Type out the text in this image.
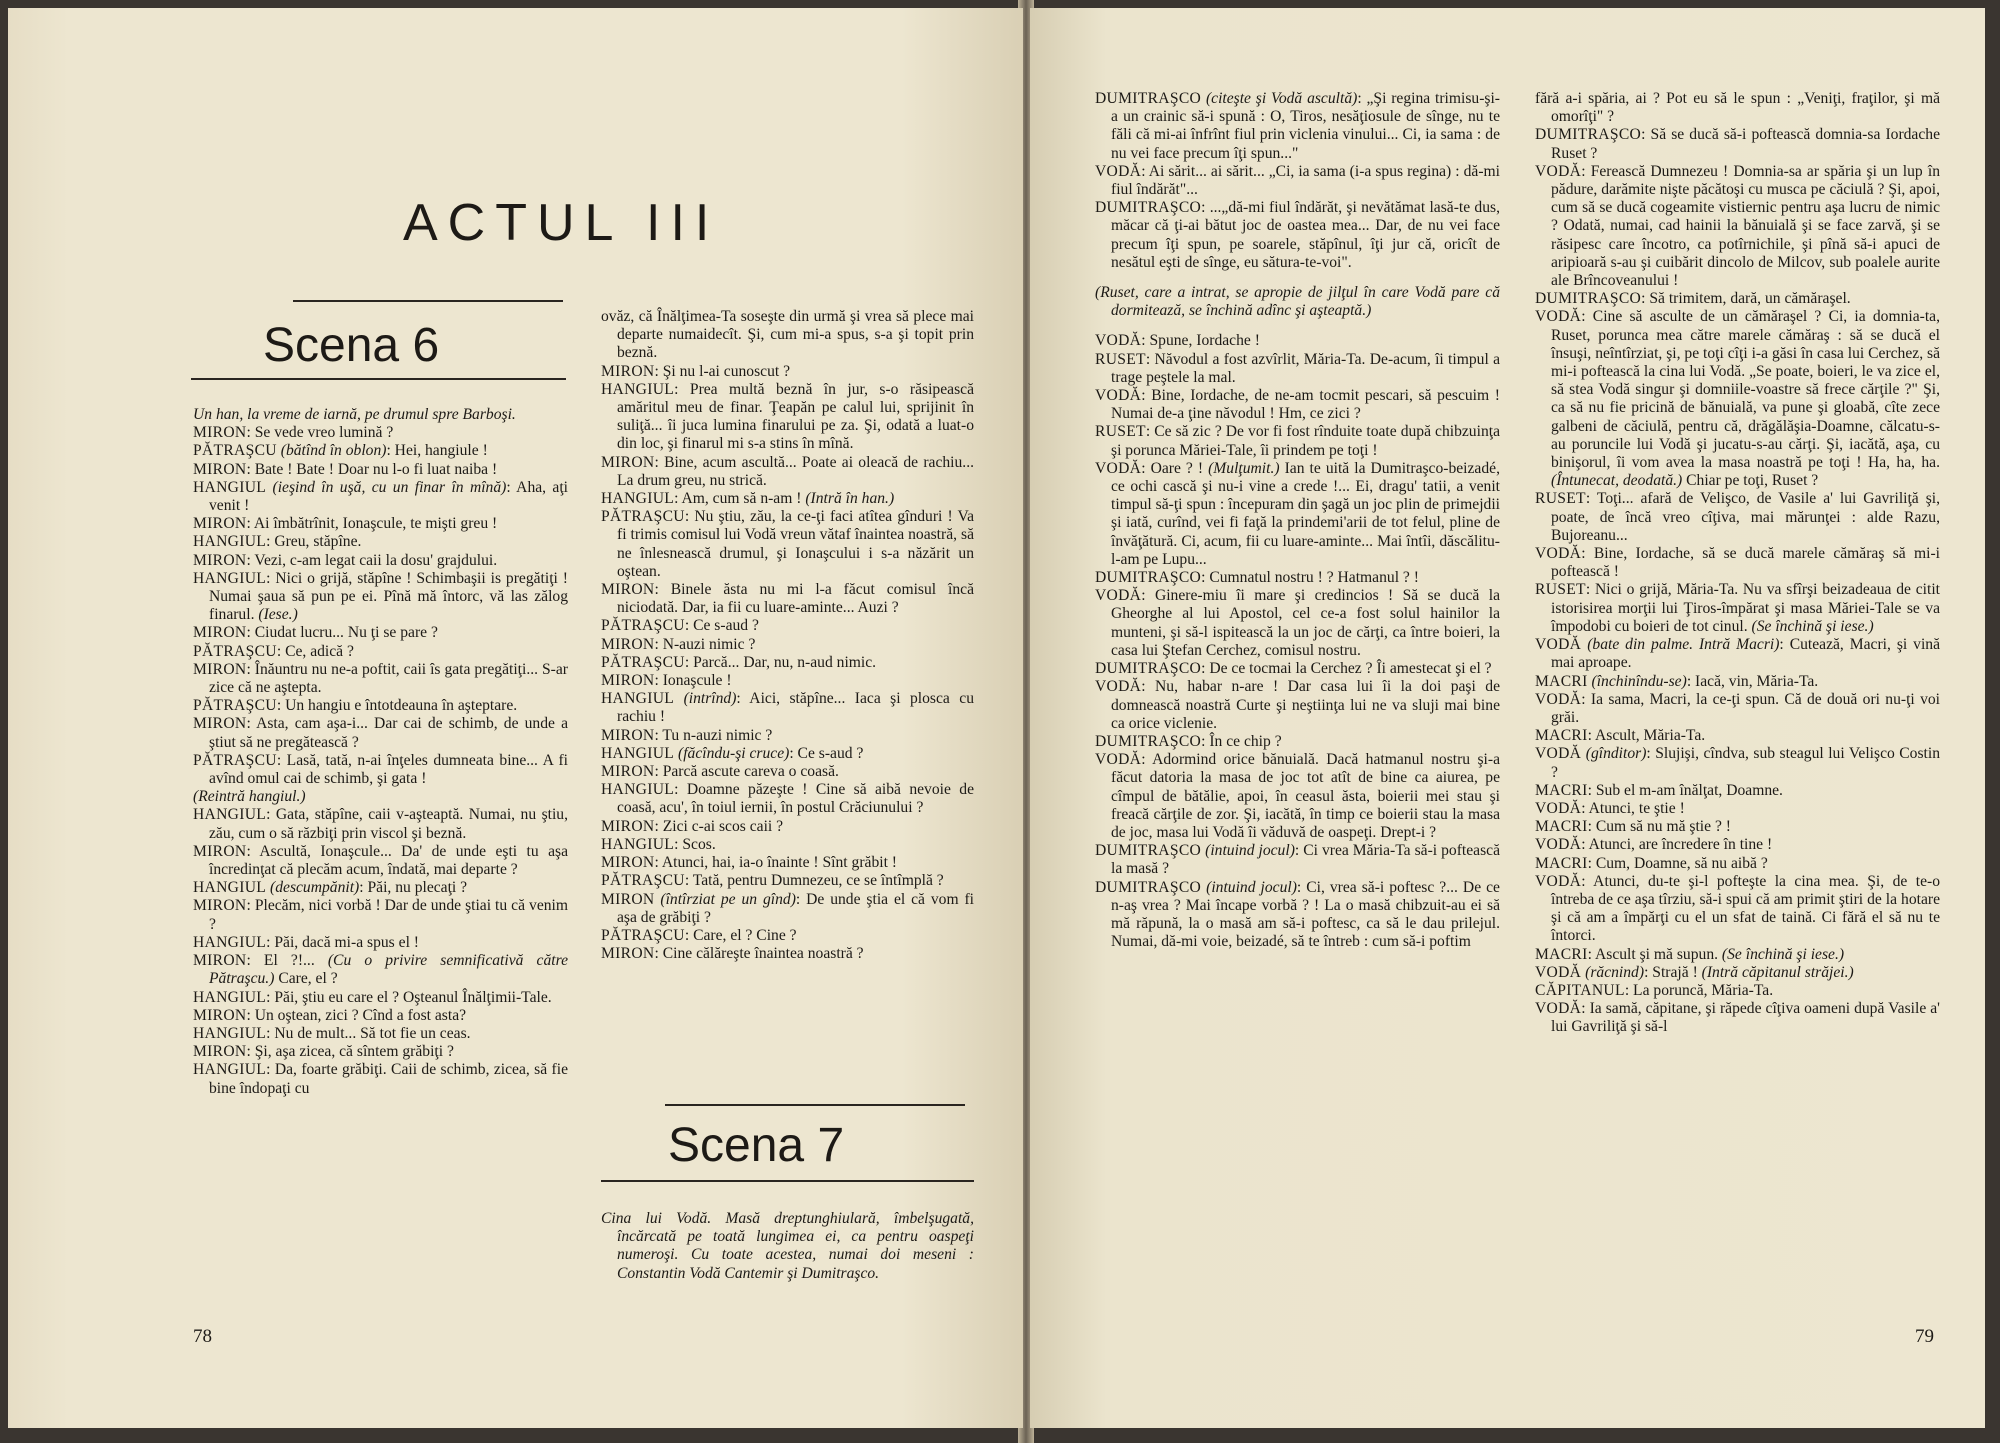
ACTUL III
Scena 6

Un han, la vreme de iarnă, pe drumul spre Barboşi.

MIRON: Se vede vreo lumină ?

PĂTRAŞCU (bătînd în oblon): Hei, hangiule !

MIRON: Bate ! Bate ! Doar nu l-o fi luat naiba !

HANGIUL (ieşind în uşă, cu un finar în mînă): Aha, aţi venit !

MIRON: Ai îmbătrînit, Ionaşcule, te mişti greu !

HANGIUL: Greu, stăpîne.

MIRON: Vezi, c-am legat caii la dosu' grajdului.

HANGIUL: Nici o grijă, stăpîne ! Schimbaşii is pregătiţi ! Numai şaua să pun pe ei. Pînă mă întorc, vă las zălog finarul. (Iese.)

MIRON: Ciudat lucru... Nu ţi se pare ?

PĂTRAŞCU: Ce, adică ?

MIRON: Înăuntru nu ne-a poftit, caii îs gata pregătiţi... S-ar zice că ne aştepta.

PĂTRAŞCU: Un hangiu e întotdeauna în aşteptare.

MIRON: Asta, cam aşa-i... Dar cai de schimb, de unde a ştiut să ne pregătească ?

PĂTRAŞCU: Lasă, tată, n-ai înţeles dumneata bine... A fi avînd omul cai de schimb, şi gata !

(Reintră hangiul.)

HANGIUL: Gata, stăpîne, caii v-aşteaptă. Numai, nu ştiu, zău, cum o să răzbiţi prin viscol şi beznă.

MIRON: Ascultă, Ionaşcule... Da' de unde eşti tu aşa încredinţat că plecăm acum, îndată, mai departe ?

HANGIUL (descumpănit): Păi, nu plecaţi ?

MIRON: Plecăm, nici vorbă ! Dar de unde ştiai tu că venim ?

HANGIUL: Păi, dacă mi-a spus el !

MIRON: El ?!... (Cu o privire semnificativă către Pătraşcu.) Care, el ?

HANGIUL: Păi, ştiu eu care el ? Oşteanul Înălţimii-Tale.

MIRON: Un oştean, zici ? Cînd a fost asta?

HANGIUL: Nu de mult... Să tot fie un ceas.

MIRON: Şi, aşa zicea, că sîntem grăbiţi ?

HANGIUL: Da, foarte grăbiţi. Caii de schimb, zicea, să fie bine îndopaţi cu

ovăz, că Înălţimea-Ta soseşte din urmă şi vrea să plece mai departe numaidecît. Şi, cum mi-a spus, s-a şi topit prin beznă.

MIRON: Şi nu l-ai cunoscut ?

HANGIUL: Prea multă beznă în jur, s-o răsipească amăritul meu de finar. Ţeapăn pe calul lui, sprijinit în suliţă... îi juca lumina finarului pe za. Şi, odată a luat-o din loc, şi finarul mi s-a stins în mînă.

MIRON: Bine, acum ascultă... Poate ai oleacă de rachiu... La drum greu, nu strică.

HANGIUL: Am, cum să n-am ! (Intră în han.)

PĂTRAŞCU: Nu ştiu, zău, la ce-ţi faci atîtea gînduri ! Va fi trimis comisul lui Vodă vreun vătaf înaintea noastră, să ne înlesnească drumul, şi Ionaşcului i s-a năzărit un oştean.

MIRON: Binele ăsta nu mi l-a făcut comisul încă niciodată. Dar, ia fii cu luare-aminte... Auzi ?

PĂTRAŞCU: Ce s-aud ?

MIRON: N-auzi nimic ?

PĂTRAŞCU: Parcă... Dar, nu, n-aud nimic.

MIRON: Ionaşcule !

HANGIUL (intrînd): Aici, stăpîne... Iaca şi plosca cu rachiu !

MIRON: Tu n-auzi nimic ?

HANGIUL (făcîndu-şi cruce): Ce s-aud ?

MIRON: Parcă ascute careva o coasă.

HANGIUL: Doamne păzeşte ! Cine să aibă nevoie de coasă, acu', în toiul iernii, în postul Crăciunului ?

MIRON: Zici c-ai scos caii ?

HANGIUL: Scos.

MIRON: Atunci, hai, ia-o înainte ! Sînt grăbit !

PĂTRAŞCU: Tată, pentru Dumnezeu, ce se întîmplă ?

MIRON (întîrziat pe un gînd): De unde ştia el că vom fi aşa de grăbiţi ?

PĂTRAŞCU: Care, el ? Cine ?

MIRON: Cine călăreşte înaintea noastră ?

Scena 7

Cina lui Vodă. Masă dreptunghiulară, îmbelşugată, încărcată pe toată lungimea ei, ca pentru oaspeţi numeroşi. Cu toate acestea, numai doi meseni : Constantin Vodă Cantemir şi Dumitraşco.

78

DUMITRAŞCO (citeşte şi Vodă ascultă): „Şi regina trimisu-şi-a un crainic să-i spună : O, Tiros, nesăţiosule de sînge, nu te făli că mi-ai înfrînt fiul prin viclenia vinului... Ci, ia sama : de nu vei face precum îţi spun..."

VODĂ: Ai sărit... ai sărit... „Ci, ia sama (i-a spus regina) : dă-mi fiul îndărăt"...

DUMITRAŞCO: ...„dă-mi fiul îndărăt, şi nevătămat lasă-te dus, măcar că ţi-ai bătut joc de oastea mea... Dar, de nu vei face precum îţi spun, pe soarele, stăpînul, îţi jur că, oricît de nesătul eşti de sînge, eu sătura-te-voi".

(Ruset, care a intrat, se apropie de jilţul în care Vodă pare că dormitează, se închină adînc şi aşteaptă.)

VODĂ: Spune, Iordache !

RUSET: Năvodul a fost azvîrlit, Măria-Ta. De-acum, îi timpul a trage peştele la mal.

VODĂ: Bine, Iordache, de ne-am tocmit pescari, să pescuim ! Numai de-a ţine năvodul ! Hm, ce zici ?

RUSET: Ce să zic ? De vor fi fost rînduite toate după chibzuinţa şi porunca Măriei-Tale, îi prindem pe toţi !

VODĂ: Oare ? ! (Mulţumit.) Ian te uită la Dumitraşco-beizadé, ce ochi cască şi nu-i vine a crede !... Ei, dragu' tatii, a venit timpul să-ţi spun : începuram din şagă un joc plin de primejdii şi iată, curînd, vei fi faţă la prindemi'arii de tot felul, pline de învăţătură. Ci, acum, fii cu luare-aminte... Mai întîi, dăscălitu-l-am pe Lupu...

DUMITRAŞCO: Cumnatul nostru ! ? Hatmanul ? !

VODĂ: Ginere-miu îi mare şi credincios ! Să se ducă la Gheorghe al lui Apostol, cel ce-a fost solul hainilor la munteni, şi să-l ispitească la un joc de cărţi, ca între boieri, la casa lui Ştefan Cerchez, comisul nostru.

DUMITRAŞCO: De ce tocmai la Cerchez ? Îi amestecat şi el ?

VODĂ: Nu, habar n-are ! Dar casa lui îi la doi paşi de domnească noastră Curte şi neştiinţa lui ne va sluji mai bine ca orice viclenie.

DUMITRAŞCO: În ce chip ?

VODĂ: Adormind orice bănuială. Dacă hatmanul nostru şi-a făcut datoria la masa de joc tot atît de bine ca aiurea, pe cîmpul de bătălie, apoi, în ceasul ăsta, boierii mei stau şi freacă cărţile de zor. Şi, iacătă, în timp ce boierii stau la masa de joc, masa lui Vodă îi văduvă de oaspeţi. Drept-i ?

DUMITRAŞCO (intuind jocul): Ci vrea Măria-Ta să-i poftească la masă ?

DUMITRAŞCO (intuind jocul): Ci, vrea să-i poftesc ?... De ce n-aş vrea ? Mai încape vorbă ? ! La o masă chibzuit-au ei să mă răpună, la o masă am să-i poftesc, ca să le dau prilejul. Numai, dă-mi voie, beizadé, să te întreb : cum să-i poftim

fără a-i spăria, ai ? Pot eu să le spun : „Veniţi, fraţilor, şi mă omorîţi" ?

DUMITRAŞCO: Să se ducă să-i poftească domnia-sa Iordache Ruset ?

VODĂ: Ferească Dumnezeu ! Domnia-sa ar spăria şi un lup în pădure, darămite nişte păcătoşi cu musca pe căciulă ? Şi, apoi, cum să se ducă cogeamite vistiernic pentru aşa lucru de nimic ? Odată, numai, cad hainii la bănuială şi se face zarvă, şi se răsipesc care încotro, ca potîrnichile, şi pînă să-i apuci de aripioară s-au şi cuibărit dincolo de Milcov, sub poalele aurite ale Brîncoveanului !

DUMITRAŞCO: Să trimitem, dară, un cămăraşel.

VODĂ: Cine să asculte de un cămăraşel ? Ci, ia domnia-ta, Ruset, porunca mea către marele cămăraş : să se ducă el însuşi, neîntîrziat, şi, pe toţi cîţi i-a găsi în casa lui Cerchez, să mi-i poftească la cina lui Vodă. „Se poate, boieri, le va zice el, să stea Vodă singur şi domniile-voastre să frece cărţile ?" Şi, ca să nu fie pricină de bănuială, va pune şi gloabă, cîte zece galbeni de căciulă, pentru că, drăgălăşia-Doamne, călcatu-s-au poruncile lui Vodă şi jucatu-s-au cărţi. Şi, iacătă, aşa, cu binişorul, îi vom avea la masa noastră pe toţi ! Ha, ha, ha. (Întunecat, deodată.) Chiar pe toţi, Ruset ?

RUSET: Toţi... afară de Velişco, de Vasile a' lui Gavriliţă şi, poate, de încă vreo cîţiva, mai mărunţei : alde Razu, Bujoreanu...

VODĂ: Bine, Iordache, să se ducă marele cămăraş să mi-i poftească !

RUSET: Nici o grijă, Măria-Ta. Nu va sfîrşi beizadeaua de citit istorisirea morţii lui Ţiros-împărat şi masa Măriei-Tale se va împodobi cu boieri de tot cinul. (Se închină şi iese.)

VODĂ (bate din palme. Intră Macri): Cutează, Macri, şi vină mai aproape.

MACRI (închinîndu-se): Iacă, vin, Măria-Ta.

VODĂ: Ia sama, Macri, la ce-ţi spun. Că de două ori nu-ţi voi grăi.

MACRI: Ascult, Măria-Ta.

VODĂ (gînditor): Slujişi, cîndva, sub steagul lui Velişco Costin ?

MACRI: Sub el m-am înălţat, Doamne.

VODĂ: Atunci, te ştie !

MACRI: Cum să nu mă ştie ? !

VODĂ: Atunci, are încredere în tine !

MACRI: Cum, Doamne, să nu aibă ?

VODĂ: Atunci, du-te şi-l pofteşte la cina mea. Şi, de te-o întreba de ce aşa tîrziu, să-i spui că am primit ştiri de la hotare şi că am a împărţi cu el un sfat de taină. Ci fără el să nu te întorci.

MACRI: Ascult şi mă supun. (Se închină şi iese.)

VODĂ (răcnind): Strajă ! (Intră căpitanul străjei.)

CĂPITANUL: La poruncă, Măria-Ta.

VODĂ: Ia samă, căpitane, şi răpede cîţiva oameni după Vasile a' lui Gavriliţă şi să-l

79
